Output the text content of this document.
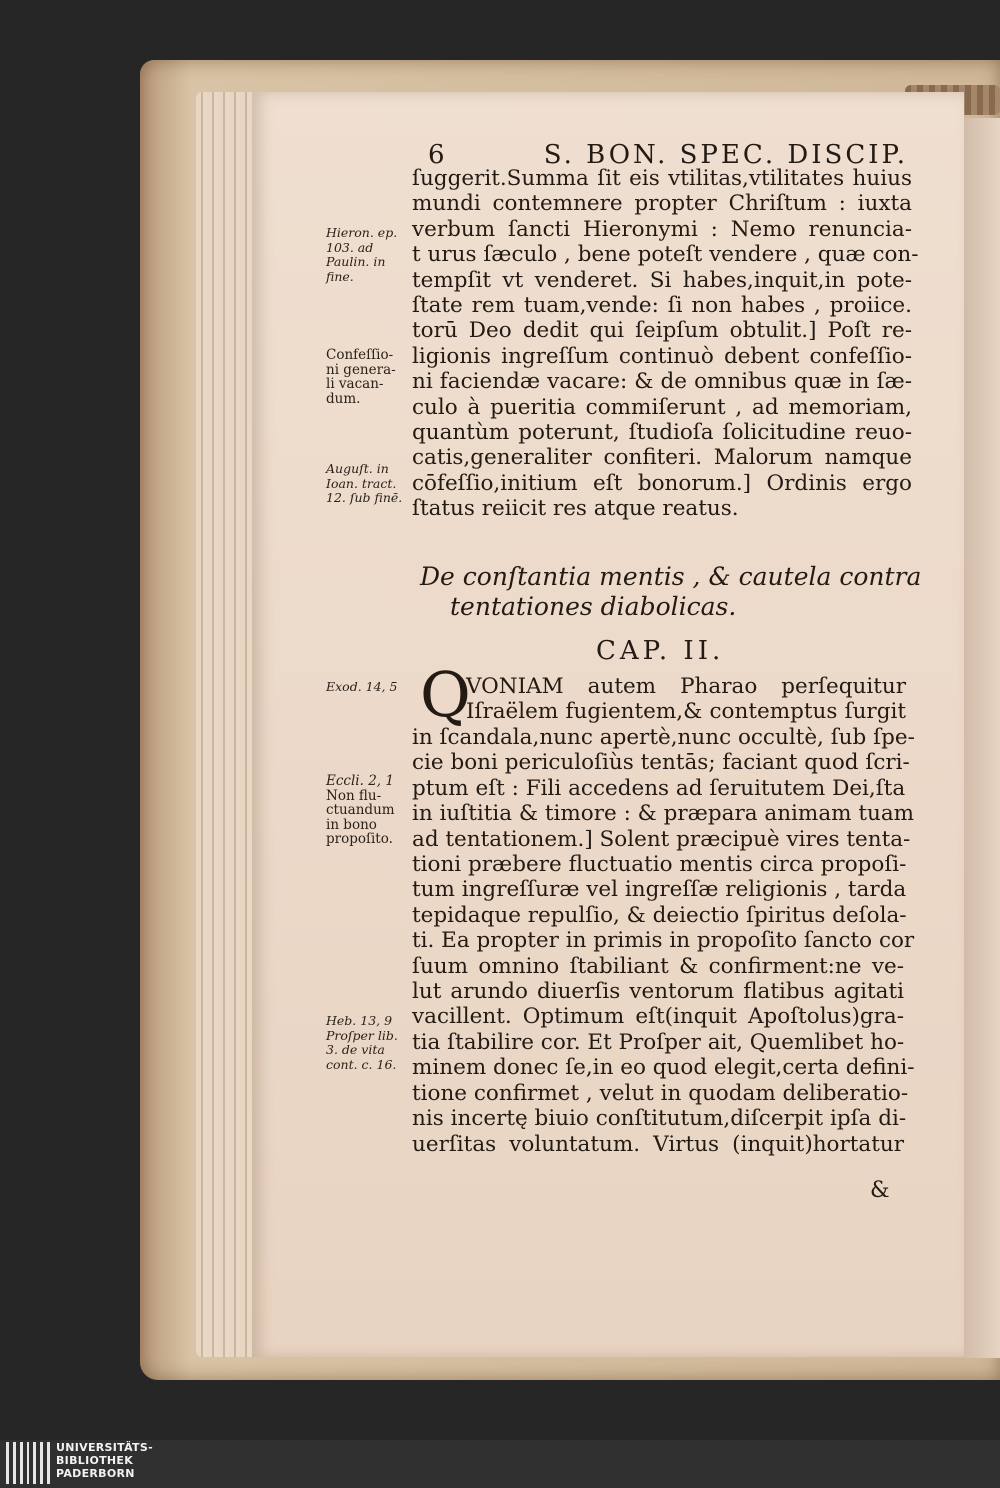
6	S. BON. SPEC. DISCIP.
ſuggerit.Summa ſit eis vtilitas,vtilitates huius
mundi contemnere propter Chriſtum : iuxta
verbum ſancti Hieronymi : Nemo renuncia-
t urus ſæculo , bene poteſt vendere , quæ con-
tempſit vt venderet. Si habes,inquit,in pote-
ſtate rem tuam,vende: ſi non habes , proiice.
torū Deo dedit qui ſeipſum obtulit.] Poſt re-
ligionis ingreſſum continuò debent confeſſio-
ni faciendæ vacare: & de omnibus quæ in ſæ-
culo à pueritia commiſerunt , ad memoriam,
quantùm poterunt, ſtudioſa ſolicitudine reuo-
catis,generaliter confiteri. Malorum namque
cōfeſſio,initium eſt bonorum.] Ordinis ergo
ſtatus reiicit res atque reatus.
Hieron. ep.
103. ad
Paulin. in
fine.
Confeſſio-
ni genera-
li vacan-
dum.
Auguſt. in
Ioan. tract.
12. ſub finē.
De conſtantia mentis , & cautela contra
tentationes diabolicas.
CAP. II.
Q
VONIAM autem Pharao perſequitur
Iſraëlem fugientem,& contemptus ſurgit
in ſcandala,nunc apertè,nunc occultè, ſub ſpe-
cie boni periculoſiùs tentās; faciant quod ſcri-
ptum eſt : Fili accedens ad ſeruitutem Dei,ſta
in iuſtitia & timore : & præpara animam tuam
ad tentationem.] Solent præcipuè vires tenta-
tioni præbere fluctuatio mentis circa propoſi-
tum ingreſſuræ vel ingreſſæ religionis , tarda
tepidaque repulſio, & deiectio ſpiritus deſola-
ti. Ea propter in primis in propoſito ſancto cor
ſuum omnino ſtabiliant & confirment:ne ve-
lut arundo diuerſis ventorum flatibus agitati
vacillent. Optimum eſt(inquit Apoſtolus)gra-
tia ſtabilire cor. Et Proſper ait, Quemlibet ho-
minem donec ſe,in eo quod elegit,certa defini-
tione confirmet , velut in quodam deliberatio-
nis incertę biuio conſtitutum,diſcerpit ipſa di-
uerſitas voluntatum. Virtus (inquit)hortatur
Exod. 14, 5
Eccli. 2, 1
Non flu-
ctuandum
in bono
propoſito.
Heb. 13, 9
Proſper lib.
3. de vita
cont. c. 16.
&
UNIVERSITÄTS-
BIBLIOTHEK
PADERBORN
